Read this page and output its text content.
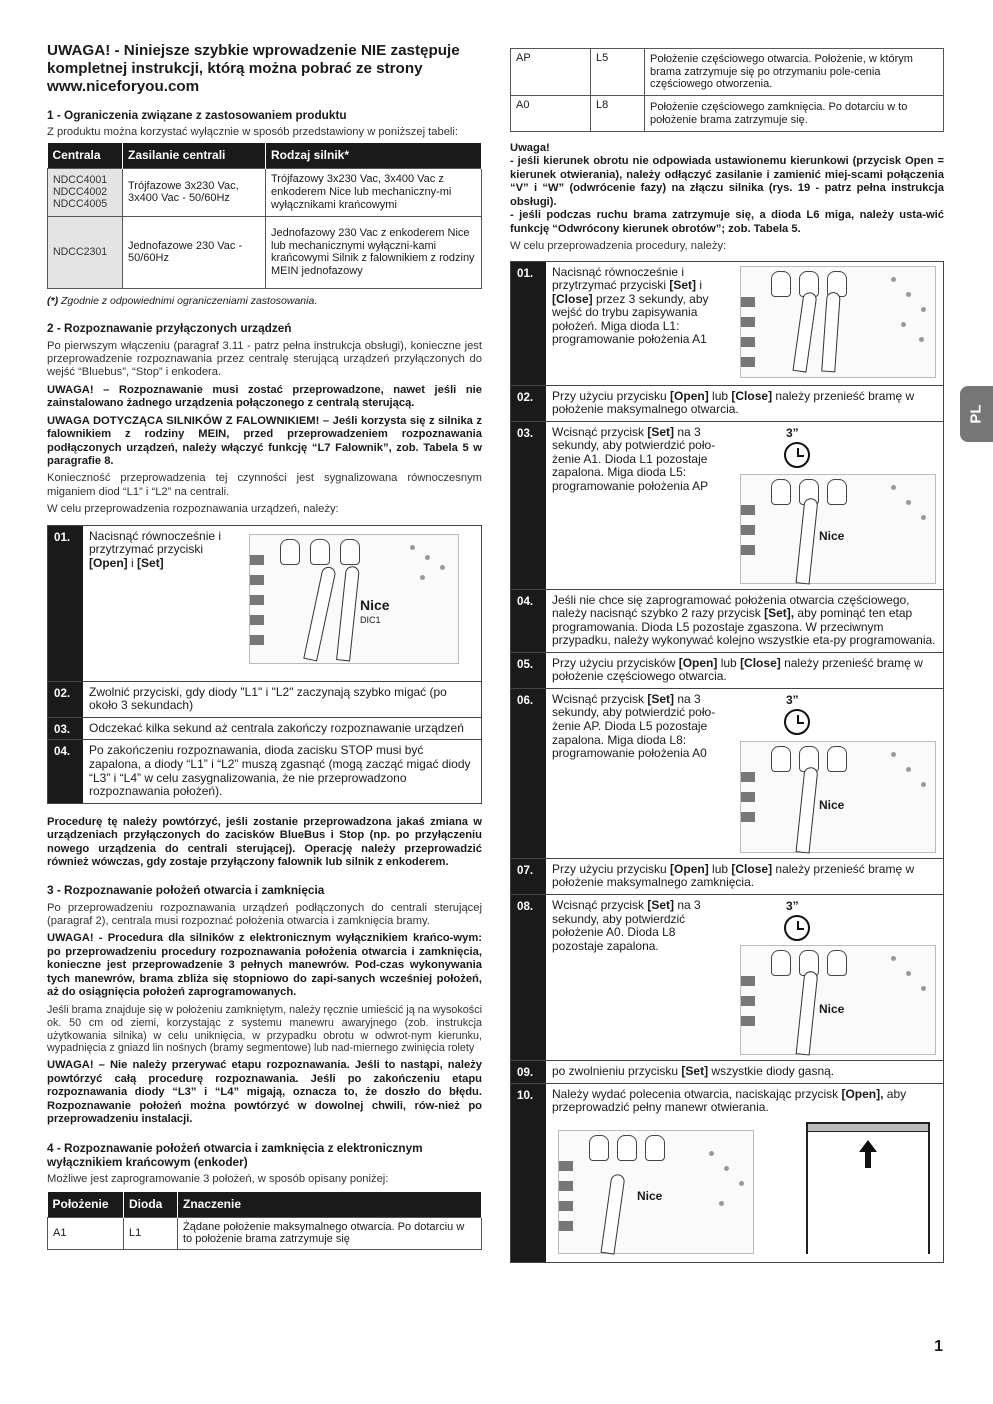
UWAGA! - Niniejsze szybkie wprowadzenie NIE zastępuje kompletnej instrukcji, którą można pobrać ze strony www.niceforyou.com
1 - Ograniczenia związane z zastosowaniem produktu

Z produktu można korzystać wyłącznie w sposób przedstawiony w poniższej tabeli:

Centrala	Zasilanie centrali	Rodzaj silnik*
NDCC4001 NDCC4002 NDCC4005	Trójfazowe 3x230 Vac, 3x400 Vac - 50/60Hz	Trójfazowy 3x230 Vac, 3x400 Vac z enkoderem Nice lub mechaniczny-mi wyłącznikami krańcowymi
NDCC2301	Jednofazowe 230 Vac - 50/60Hz	Jednofazowy 230 Vac z enkoderem Nice lub mechanicznymi wyłączni-kami krańcowymi Silnik z falownikiem z rodziny MEIN jednofazowy
(*) Zgodnie z odpowiednimi ograniczeniami zastosowania.
2 - Rozpoznawanie przyłączonych urządzeń

Po pierwszym włączeniu (paragraf 3.11 - patrz pełna instrukcja obsługi), konieczne jest przeprowadzenie rozpoznawania przez centralę sterującą urządzeń przyłączonych do wejść “Bluebus”, “Stop” i enkodera.

UWAGA! – Rozpoznawanie musi zostać przeprowadzone, nawet jeśli nie zainstalowano żadnego urządzenia połączonego z centralą sterującą.

UWAGA DOTYCZĄCA SILNIKÓW Z FALOWNIKIEM! – Jeśli korzysta się z silnika z falownikiem z rodziny MEIN, przed przeprowadzeniem rozpoznawania podłączonych urządzeń, należy włączyć funkcję “L7 Falownik”, zob. Tabela 5 w paragrafie 8.

Konieczność przeprowadzenia tej czynności jest sygnalizowana równoczesnym miganiem diod “L1” i “L2” na centrali.

W celu przeprowadzenia rozpoznawania urządzeń, należy:

01.	Nacisnąć równocześnie i przytrzymać przyciski [Open] i [Set]
Nice
DIC1
02.	Zwolnić przyciski, gdy diody "L1" i "L2" zaczynają szybko migać (po około 3 sekundach)
03.	Odczekać kilka sekund aż centrala zakończy rozpoznawanie urządzeń
04.	Po zakończeniu rozpoznawania, dioda zacisku STOP musi być zapalona, a diody “L1” i “L2” muszą zgasnąć (mogą zacząć migać diody “L3” i “L4” w celu zasygnalizowania, że nie przeprowadzono rozpoznawania położeń).

Procedurę tę należy powtórzyć, jeśli zostanie przeprowadzona jakaś zmiana w urządzeniach przyłączonych do zacisków BlueBus i Stop (np. po przyłączeniu nowego urządzenia do centrali sterującej). Operację należy przeprowadzić również wówczas, gdy zostaje przyłączony falownik lub silnik z enkoderem.

3 - Rozpoznawanie położeń otwarcia i zamknięcia

Po przeprowadzeniu rozpoznawania urządzeń podłączonych do centrali sterującej (paragraf 2), centrala musi rozpoznać położenia otwarcia i zamknięcia bramy.

UWAGA! - Procedura dla silników z elektronicznym wyłącznikiem krańco-wym: po przeprowadzeniu procedury rozpoznawania położenia otwarcia i zamknięcia, konieczne jest przeprowadzenie 3 pełnych manewrów. Pod-czas wykonywania tych manewrów, brama zbliża się stopniowo do zapi-sanych wcześniej położeń, aż do osiągnięcia położeń zaprogramowanych.

Jeśli brama znajduje się w położeniu zamkniętym, należy ręcznie umieścić ją na wysokości ok. 50 cm od ziemi, korzystając z systemu manewru awaryjnego (zob. instrukcja użytkowania silnika) w celu uniknięcia, w przypadku obrotu w odwrot-nym kierunku, wypadnięcia z gniazd lin nośnych (bramy segmentowe) lub nad-miernego zwinięcia rolety

UWAGA! – Nie należy przerywać etapu rozpoznawania. Jeśli to nastąpi, należy powtórzyć całą procedurę rozpoznawania. Jeśli po zakończeniu etapu rozpoznawania diody “L3” i “L4” migają, oznacza to, że doszło do błędu. Rozpoznawanie położeń można powtórzyć w dowolnej chwili, rów-nież po przeprowadzeniu instalacji.

4 - Rozpoznawanie położeń otwarcia i zamknięcia z elektronicznym wyłącznikiem krańcowym (enkoder)

Możliwe jest zaprogramowanie 3 położeń, w sposób opisany poniżej:

Położenie	Dioda	Znaczenie
A1	L1	Żądane położenie maksymalnego otwarcia. Po dotarciu w to położenie brama zatrzymuje się
AP	L5	Położenie częściowego otwarcia. Położenie, w którym brama zatrzymuje się po otrzymaniu pole-cenia częściowego otworzenia.
A0	L8	Położenie częściowego zamknięcia. Po dotarciu w to położenie brama zatrzymuje się.

Uwaga!

- jeśli kierunek obrotu nie odpowiada ustawionemu kierunkowi (przycisk Open = kierunek otwierania), należy odłączyć zasilanie i zamienić miej-scami połączenia “V” i “W” (odwrócenie fazy) na złączu silnika (rys. 19 - patrz pełna instrukcja obsługi).

- jeśli podczas ruchu brama zatrzymuje się, a dioda L6 miga, należy usta-wić funkcję “Odwrócony kierunek obrotów”; zob. Tabela 5.

W celu przeprowadzenia procedury, należy:

01.	Nacisnąć równocześnie i przytrzymać przyciski [Set] i [Close] przez 3 sekundy, aby wejść do trybu zapisywania położeń. Miga dioda L1: programowanie położenia A1
02.	Przy użyciu przycisku [Open] lub [Close] należy przenieść bramę w położenie maksymalnego otwarcia.
03.	Wcisnąć przycisk [Set] na 3 sekundy, aby potwierdzić poło-żenie A1. Dioda L1 pozostaje zapalona. Miga dioda L5: programowanie położenia AP
3”
Nice
04.	Jeśli nie chce się zaprogramować położenia otwarcia częściowego, należy nacisnąć szybko 2 razy przycisk [Set], aby pominąć ten etap programowania. Dioda L5 pozostaje zgaszona. W przeciwnym przypadku, należy wykonywać kolejno wszystkie eta-py programowania.
05.	Przy użyciu przycisków [Open] lub [Close] należy przenieść bramę w położenie częściowego otwarcia.
06.	Wcisnąć przycisk [Set] na 3 sekundy, aby potwierdzić poło-żenie AP. Dioda L5 pozostaje zapalona. Miga dioda L8: programowanie położenia A0
3”
Nice
07.	Przy użyciu przycisku [Open] lub [Close] należy przenieść bramę w położenie maksymalnego zamknięcia.
08.	Wcisnąć przycisk [Set] na 3 sekundy, aby potwierdzić położenie A0. Dioda L8 pozostaje zapalona.
3”
Nice
09.	po zwolnieniu przycisku [Set] wszystkie diody gasną.
10.	Należy wydać polecenia otwarcia, naciskając przycisk [Open], aby przeprowadzić pełny manewr otwierania.
Nice
PL
1
